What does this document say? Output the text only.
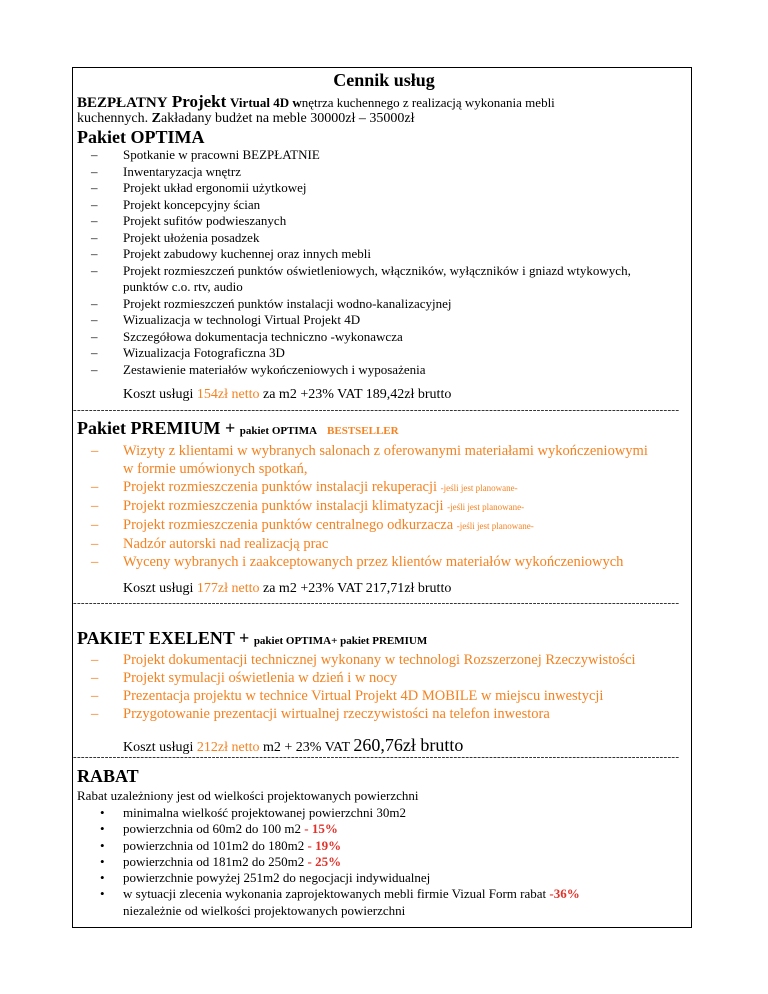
Cennik usług
BEZPŁATNY Projekt Virtual 4D wnętrza kuchennego z realizacją wykonania mebli
kuchennych. Zakładany budżet na meble 30000zł – 35000zł
Pakiet OPTIMA
– Spotkanie w pracowni BEZPŁATNIE
– Inwentaryzacja wnętrz
– Projekt układ ergonomii użytkowej
– Projekt koncepcyjny ścian
– Projekt sufitów podwieszanych
– Projekt ułożenia posadzek
– Projekt zabudowy kuchennej oraz innych mebli
– Projekt rozmieszczeń punktów oświetleniowych, włączników, wyłączników i gniazd wtykowych,
punktów c.o. rtv, audio
– Projekt rozmieszczeń punktów instalacji wodno-kanalizacyjnej
– Wizualizacja w technologi Virtual Projekt 4D
– Szczegółowa dokumentacja techniczno -wykonawcza
– Wizualizacja Fotograficzna 3D
– Zestawienie materiałów wykończeniowych i wyposażenia
Koszt usługi 154zł netto za m2 +23% VAT 189,42zł brutto
---------------------------------------------------------------------------------------------------------------------------------------------------------
Pakiet PREMIUM + pakiet OPTIMA BESTSELLER
– Wizyty z klientami w wybranych salonach z oferowanymi materiałami wykończeniowymi
w formie umówionych spotkań,
– Projekt rozmieszczenia punktów instalacji rekuperacji -jeśli jest planowane-
– Projekt rozmieszczenia punktów instalacji klimatyzacji -jeśli jest planowane-
– Projekt rozmieszczenia punktów centralnego odkurzacza -jeśli jest planowane-
– Nadzór autorski nad realizacją prac
– Wyceny wybranych i zaakceptowanych przez klientów materiałów wykończeniowych
Koszt usługi 177zł netto za m2 +23% VAT 217,71zł brutto
---------------------------------------------------------------------------------------------------------------------------------------------------------
PAKIET EXELENT + pakiet OPTIMA+ pakiet PREMIUM
– Projekt dokumentacji technicznej wykonany w technologi Rozszerzonej Rzeczywistości
– Projekt symulacji oświetlenia w dzień i w nocy
– Prezentacja projektu w technice Virtual Projekt 4D MOBILE w miejscu inwestycji
– Przygotowanie prezentacji wirtualnej rzeczywistości na telefon inwestora
Koszt usługi 212zł netto m2 + 23% VAT 260,76zł brutto
---------------------------------------------------------------------------------------------------------------------------------------------------------
RABAT
Rabat uzależniony jest od wielkości projektowanych powierzchni
• minimalna wielkość projektowanej powierzchni 30m2
• powierzchnia od 60m2 do 100 m2 - 15%
• powierzchnia od 101m2 do 180m2 - 19%
• powierzchnia od 181m2 do 250m2 - 25%
• powierzchnie powyżej 251m2 do negocjacji indywidualnej
• w sytuacji zlecenia wykonania zaprojektowanych mebli firmie Vizual Form rabat -36%
niezależnie od wielkości projektowanych powierzchni
